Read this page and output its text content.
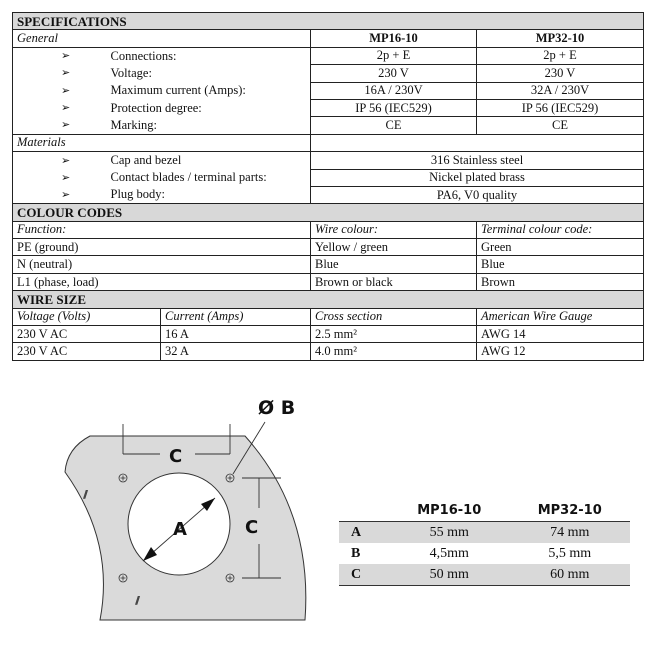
SPECIFICATIONS			
General		MP16-10	MP32-10
➢	Connections:	2p + E	2p + E
➢	Voltage:	230 V	230 V
➢	Maximum current (Amps):	16A / 230V	32A / 230V
➢	Protection degree:	IP 56 (IEC529)	IP 56 (IEC529)
➢	Marking:	CE	CE
Materials			
➢	Cap and bezel	316 Stainless steel	
➢	Contact blades / terminal parts:	Nickel plated brass	
➢	Plug body:	PA6, V0 quality	
COLOUR CODES			
Function:		Wire colour:	Terminal colour code:
PE (ground)		Yellow / green	Green
N (neutral)		Blue	Blue
L1 (phase, load)		Brown or black	Brown
WIRE SIZE			
Voltage (Volts)	Current (Amps)	Cross section	American Wire Gauge
230 V AC	16 A	2.5 mm²	AWG 14
230 V AC	32 A	4.0 mm²	AWG 12
Ø B
C
C
A
///
///
	MP16-10	MP32-10
A	55 mm	74 mm
B	4,5mm	5,5 mm
C	50 mm	60 mm
